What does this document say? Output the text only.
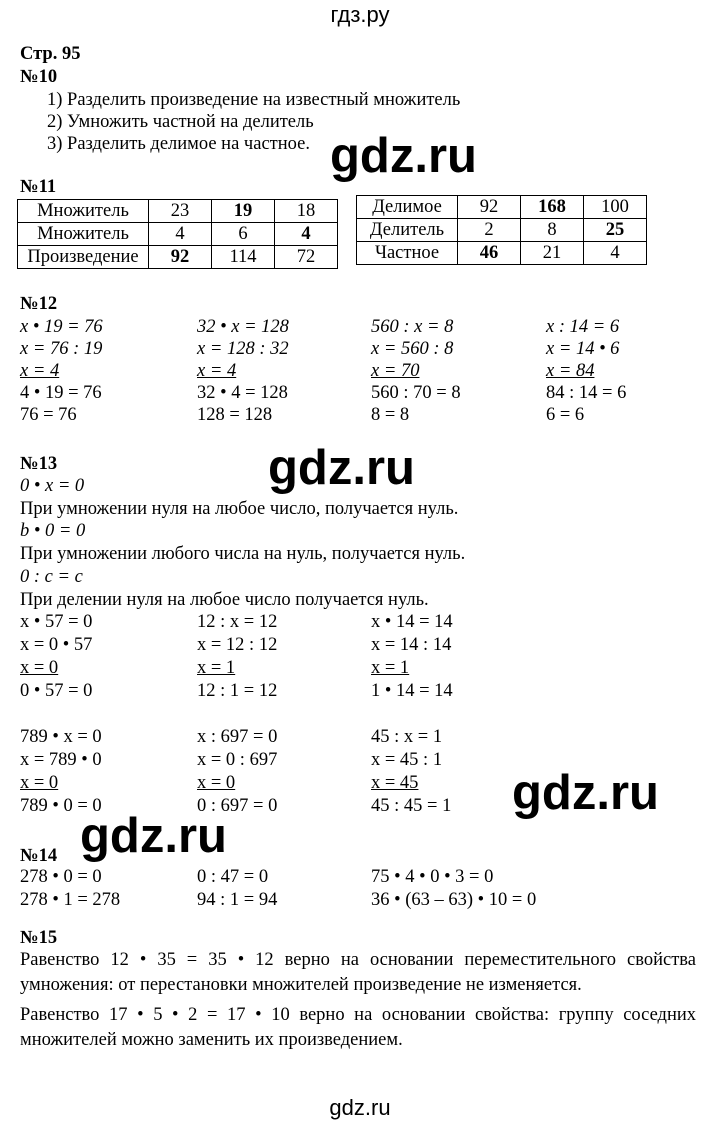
гдз.ру
Стр. 95
№10
1) Разделить произведение на известный множитель
2) Умножить частной на делитель
3) Разделить делимое на частное. gdz.ru
№11
Множитель	23	19	18
Множитель	4	6	4
Произведение	92	114	72
Делимое	92	168	100
Делитель	2	8	25
Частное	46	21	4
№12
x • 19 = 76
x = 76 : 19
x = 4
4 • 19 = 76
76 = 76
32 • x = 128
x = 128 : 32
x = 4
32 • 4 = 128
128 = 128
560 : x = 8
x = 560 : 8
x = 70
560 : 70 = 8
8 = 8
x : 14 = 6
x = 14 • 6
x = 84
84 : 14 = 6
6 = 6
№13	gdz.ru
0 • x = 0
При умножении нуля на любое число, получается нуль.
b • 0 = 0
При умножении любого числа на нуль, получается нуль.
0 : c = c
При делении нуля на любое число получается нуль.
x • 57 = 0
x = 0 • 57
x = 0
0 • 57 = 0
12 : x = 12
x = 12 : 12
x = 1
12 : 1 = 12
x • 14 = 14
x = 14 : 14
x = 1
1 • 14 = 14
789 • x = 0
x = 789 • 0
x = 0
789 • 0 = 0
x : 697 = 0
x = 0 : 697
x = 0
0 : 697 = 0
45 : x = 1
x = 45 : 1
x = 45
45 : 45 = 1 gdz.ru
gdz.ru
№14
278 • 0 = 0
278 • 1 = 278
0 : 47 = 0
94 : 1 = 94
75 • 4 • 0 • 3 = 0
36 • (63 – 63) • 10 = 0
№15
Равенство 12 • 35 = 35 • 12 верно на основании переместительного свойства умножения: от перестановки множителей произведение не изменяется.
Равенство 17 • 5 • 2 = 17 • 10 верно на основании свойства: группу соседних множителей можно заменить их произведением.
gdz.ru
